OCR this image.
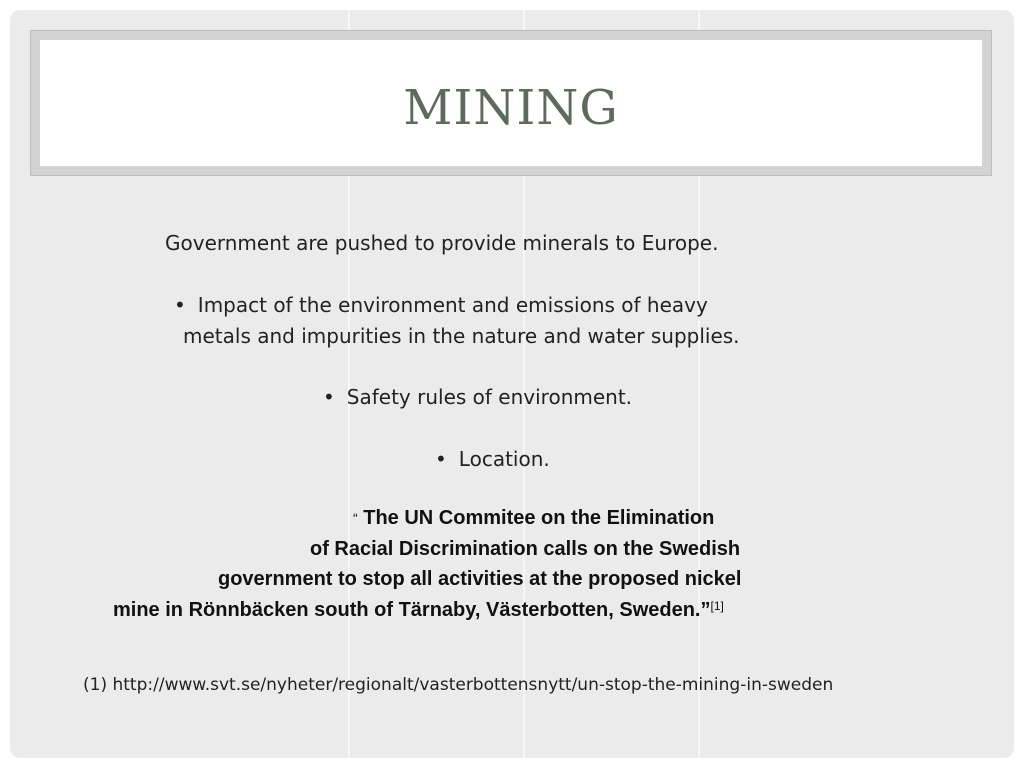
MINING
Government are pushed to provide minerals to Europe.
• Impact of the environment and emissions of heavy
metals and impurities in the nature and water supplies.
• Safety rules of environment.
• Location.
“ The UN Commitee on the Elimination
of Racial Discrimination calls on the Swedish
government to stop all activities at the proposed nickel
mine in Rönnbäcken south of Tärnaby, Västerbotten, Sweden.”[1]
(1) http://www.svt.se/nyheter/regionalt/vasterbottensnytt/un-stop-the-mining-in-sweden
